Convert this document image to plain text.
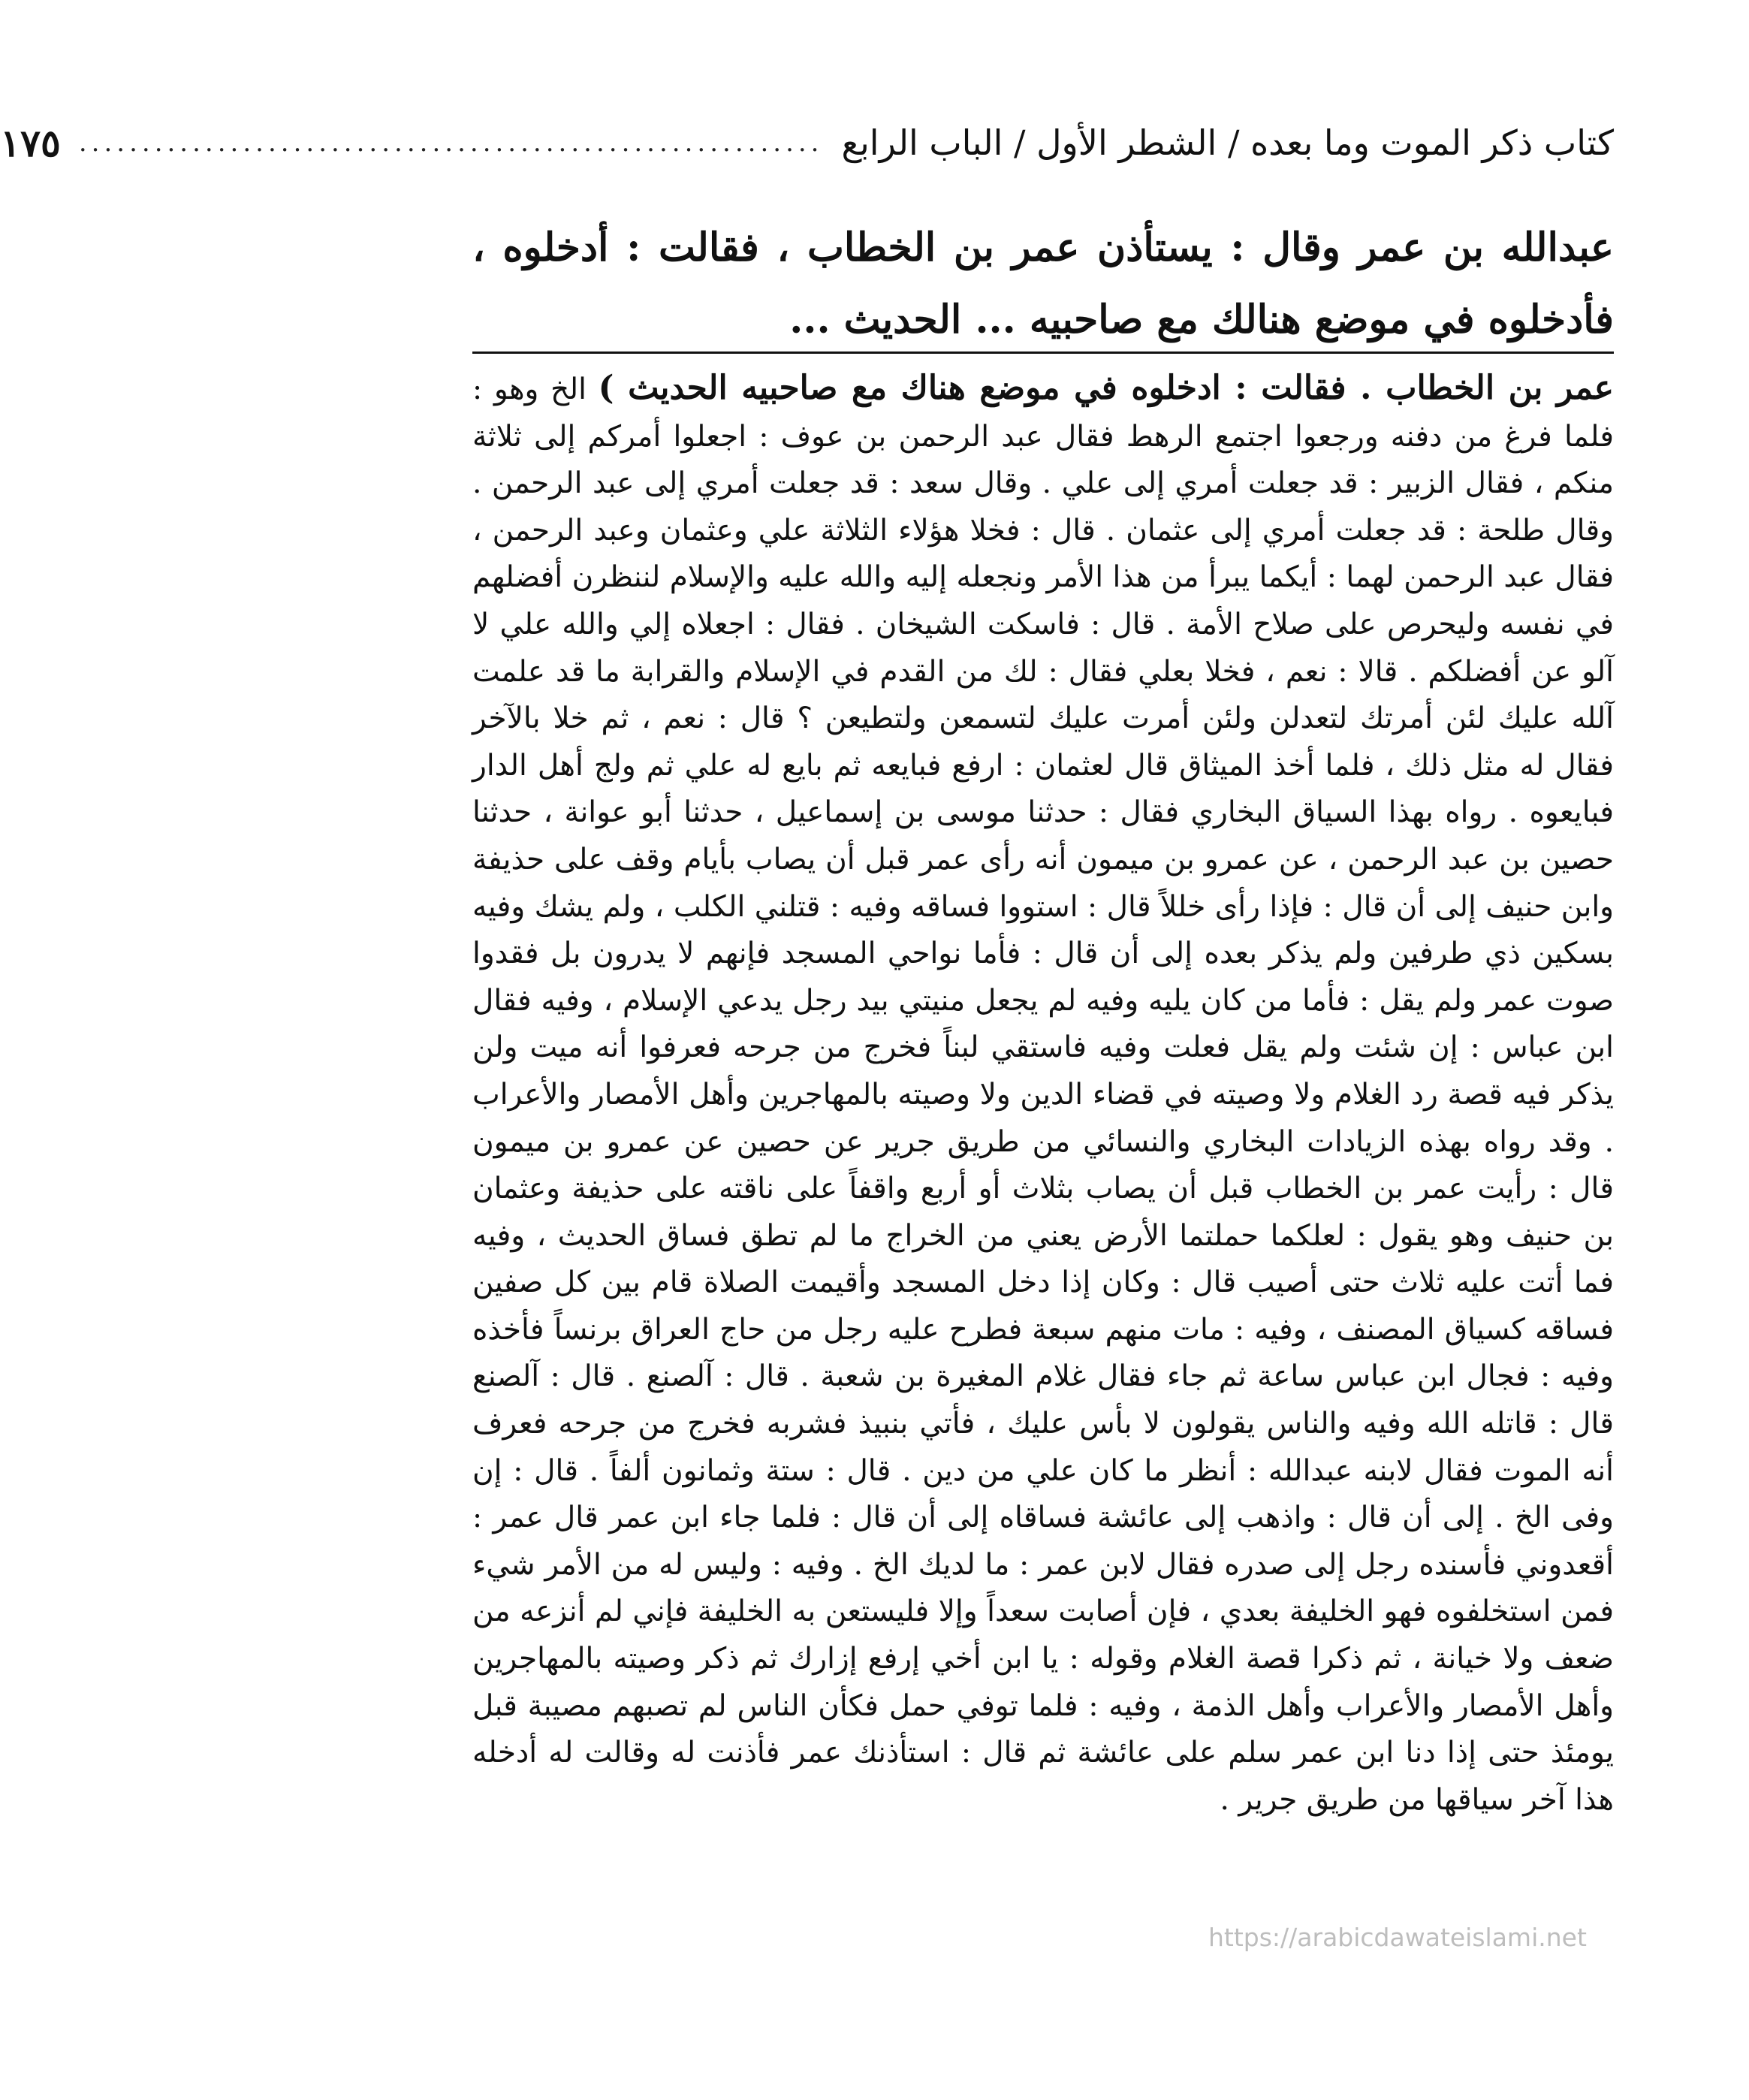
كتاب ذكر الموت وما بعده / الشطر الأول / الباب الرابع
...........................................................
١٧٥

عبدالله بن عمر وقال : يستأذن عمر بن الخطاب ، فقالت : أدخلوه ، فأدخلوه في موضع هنالك مع صاحبيه ... الحديث ...

عمر بن الخطاب . فقالت : ادخلوه في موضع هناك مع صاحبيه الحديث ) الخ وهو : فلما فرغ من دفنه ورجعوا اجتمع الرهط فقال عبد الرحمن بن عوف : اجعلوا أمركم إلى ثلاثة منكم ، فقال الزبير : قد جعلت أمري إلى علي . وقال سعد : قد جعلت أمري إلى عبد الرحمن . وقال طلحة : قد جعلت أمري إلى عثمان . قال : فخلا هؤلاء الثلاثة علي وعثمان وعبد الرحمن ، فقال عبد الرحمن لهما : أيكما يبرأ من هذا الأمر ونجعله إليه والله عليه والإسلام لننظرن أفضلهم في نفسه وليحرص على صلاح الأمة . قال : فاسكت الشيخان . فقال : اجعلاه إلي والله علي لا آلو عن أفضلكم . قالا : نعم ، فخلا بعلي فقال : لك من القدم في الإسلام والقرابة ما قد علمت آلله عليك لئن أمرتك لتعدلن ولئن أمرت عليك لتسمعن ولتطيعن ؟ قال : نعم ، ثم خلا بالآخر فقال له مثل ذلك ، فلما أخذ الميثاق قال لعثمان : ارفع فبايعه ثم بايع له علي ثم ولج أهل الدار فبايعوه . رواه بهذا السياق البخاري فقال : حدثنا موسى بن إسماعيل ، حدثنا أبو عوانة ، حدثنا حصين بن عبد الرحمن ، عن عمرو بن ميمون أنه رأى عمر قبل أن يصاب بأيام وقف على حذيفة وابن حنيف إلى أن قال : فإذا رأى خللاً قال : استووا فساقه وفيه : قتلني الكلب ، ولم يشك وفيه بسكين ذي طرفين ولم يذكر بعده إلى أن قال : فأما نواحي المسجد فإنهم لا يدرون بل فقدوا صوت عمر ولم يقل : فأما من كان يليه وفيه لم يجعل منيتي بيد رجل يدعي الإسلام ، وفيه فقال ابن عباس : إن شئت ولم يقل فعلت وفيه فاستقي لبناً فخرج من جرحه فعرفوا أنه ميت ولن يذكر فيه قصة رد الغلام ولا وصيته في قضاء الدين ولا وصيته بالمهاجرين وأهل الأمصار والأعراب . وقد رواه بهذه الزيادات البخاري والنسائي من طريق جرير عن حصين عن عمرو بن ميمون قال : رأيت عمر بن الخطاب قبل أن يصاب بثلاث أو أربع واقفاً على ناقته على حذيفة وعثمان بن حنيف وهو يقول : لعلكما حملتما الأرض يعني من الخراج ما لم تطق فساق الحديث ، وفيه فما أتت عليه ثلاث حتى أصيب قال : وكان إذا دخل المسجد وأقيمت الصلاة قام بين كل صفين فساقه كسياق المصنف ، وفيه : مات منهم سبعة فطرح عليه رجل من حاج العراق برنساً فأخذه وفيه : فجال ابن عباس ساعة ثم جاء فقال غلام المغيرة بن شعبة . قال : آلصنع . قال : آلصنع قال : قاتله الله وفيه والناس يقولون لا بأس عليك ، فأتي بنبيذ فشربه فخرج من جرحه فعرف أنه الموت فقال لابنه عبدالله : أنظر ما كان علي من دين . قال : ستة وثمانون ألفاً . قال : إن وفى الخ . إلى أن قال : واذهب إلى عائشة فساقاه إلى أن قال : فلما جاء ابن عمر قال عمر : أقعدوني فأسنده رجل إلى صدره فقال لابن عمر : ما لديك الخ . وفيه : وليس له من الأمر شيء فمن استخلفوه فهو الخليفة بعدي ، فإن أصابت سعداً وإلا فليستعن به الخليفة فإني لم أنزعه من ضعف ولا خيانة ، ثم ذكرا قصة الغلام وقوله : يا ابن أخي إرفع إزارك ثم ذكر وصيته بالمهاجرين وأهل الأمصار والأعراب وأهل الذمة ، وفيه : فلما توفي حمل فكأن الناس لم تصبهم مصيبة قبل يومئذ حتى إذا دنا ابن عمر سلم على عائشة ثم قال : استأذنك عمر فأذنت له وقالت له أدخله هذا آخر سياقها من طريق جرير .

https://arabicdawateislami.net
